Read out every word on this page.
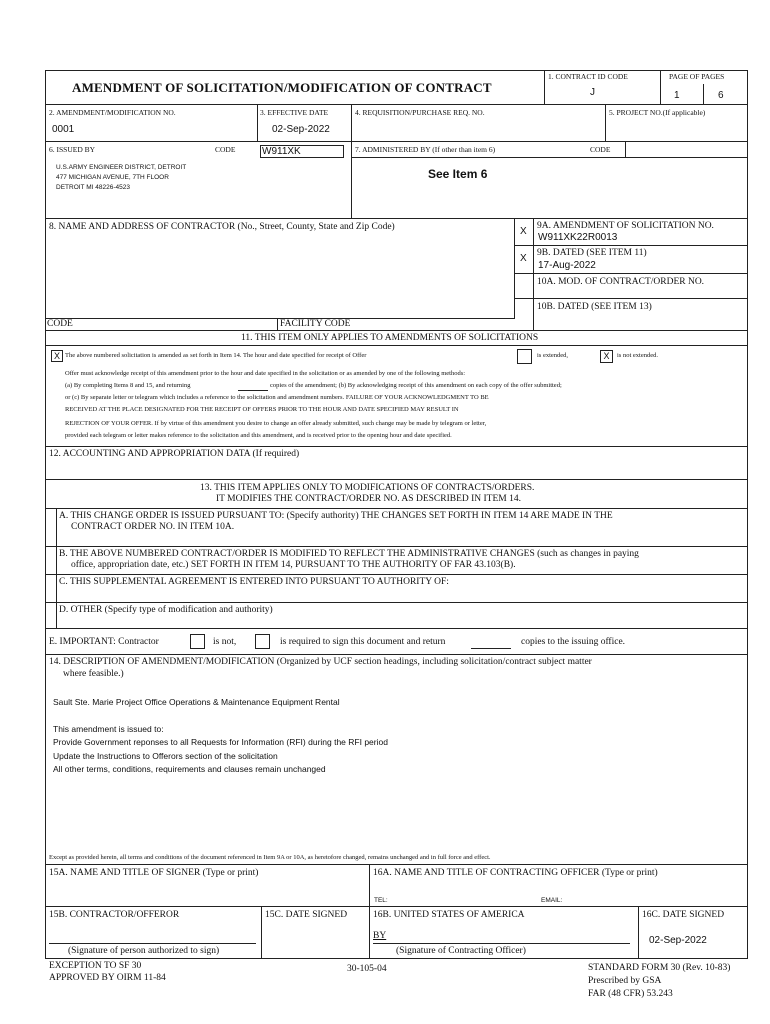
AMENDMENT OF SOLICITATION/MODIFICATION OF CONTRACT
1. CONTRACT ID CODE
J
PAGE OF PAGES
1	6
2. AMENDMENT/MODIFICATION NO.
0001
3. EFFECTIVE DATE
02-Sep-2022
4. REQUISITION/PURCHASE REQ. NO.	5. PROJECT NO.(If applicable)
6. ISSUED BY	CODE	W911XK	7. ADMINISTERED BY (If other than item 6)	CODE
U.S.ARMY ENGINEER DISTRICT, DETROIT
477 MICHIGAN AVENUE, 7TH FLOOR
DETROIT MI 48226-4523
See Item 6
8. NAME AND ADDRESS OF CONTRACTOR (No., Street, County, State and Zip Code)	X 9A. AMENDMENT OF SOLICITATION NO.
W911XK22R0013
X 9B. DATED (SEE ITEM 11)
17-Aug-2022
10A. MOD. OF CONTRACT/ORDER NO.
10B. DATED (SEE ITEM 13)
CODE	FACILITY CODE
11. THIS ITEM ONLY APPLIES TO AMENDMENTS OF SOLICITATIONS
X The above numbered solicitation is amended as set forth in Item 14. The hour and date specified for receipt of Offer	is extended,	X	is not extended.
Offer must acknowledge receipt of this amendment prior to the hour and date specified in the solicitation or as amended by one of the following methods:
(a) By completing Items 8 and 15, and returning	copies of the amendment; (b) By acknowledging receipt of this amendment on each copy of the offer submitted;
or (c) By separate letter or telegram which includes a reference to the solicitation and amendment numbers. FAILURE OF YOUR ACKNOWLEDGMENT TO BE
RECEIVED AT THE PLACE DESIGNATED FOR THE RECEIPT OF OFFERS PRIOR TO THE HOUR AND DATE SPECIFIED MAY RESULT IN
REJECTION OF YOUR OFFER. If by virtue of this amendment you desire to change an offer already submitted, such change may be made by telegram or letter,
provided each telegram or letter makes reference to the solicitation and this amendment, and is received prior to the opening hour and date specified.
12. ACCOUNTING AND APPROPRIATION DATA (If required)
13. THIS ITEM APPLIES ONLY TO MODIFICATIONS OF CONTRACTS/ORDERS.
IT MODIFIES THE CONTRACT/ORDER NO. AS DESCRIBED IN ITEM 14.
A. THIS CHANGE ORDER IS ISSUED PURSUANT TO: (Specify authority) THE CHANGES SET FORTH IN ITEM 14 ARE MADE IN THE
CONTRACT ORDER NO. IN ITEM 10A.
B. THE ABOVE NUMBERED CONTRACT/ORDER IS MODIFIED TO REFLECT THE ADMINISTRATIVE CHANGES (such as changes in paying
office, appropriation date, etc.) SET FORTH IN ITEM 14, PURSUANT TO THE AUTHORITY OF FAR 43.103(B).
C. THIS SUPPLEMENTAL AGREEMENT IS ENTERED INTO PURSUANT TO AUTHORITY OF:
D. OTHER (Specify type of modification and authority)
E. IMPORTANT: Contractor	is not,	is required to sign this document and return	copies to the issuing office.
14. DESCRIPTION OF AMENDMENT/MODIFICATION (Organized by UCF section headings, including solicitation/contract subject matter
where feasible.)
Sault Ste. Marie Project Office Operations & Maintenance Equipment Rental
This amendment is issued to:
Provide Government reponses to all Requests for Information (RFI) during the RFI period
Update the Instructions to Offerors section of the solicitation
All other terms, conditions, requirements and clauses remain unchanged
Except as provided herein, all terms and conditions of the document referenced in Item 9A or 10A, as heretofore changed, remains unchanged and in full force and effect.
15A. NAME AND TITLE OF SIGNER (Type or print)	16A. NAME AND TITLE OF CONTRACTING OFFICER (Type or print)
TEL:	EMAIL:
15B. CONTRACTOR/OFFEROR	15C. DATE SIGNED	16B. UNITED STATES OF AMERICA	16C. DATE SIGNED
BY	02-Sep-2022
(Signature of person authorized to sign)	(Signature of Contracting Officer)
EXCEPTION TO SF 30
APPROVED BY OIRM 11-84
30-105-04	STANDARD FORM 30 (Rev. 10-83)
Prescribed by GSA
FAR (48 CFR) 53.243
